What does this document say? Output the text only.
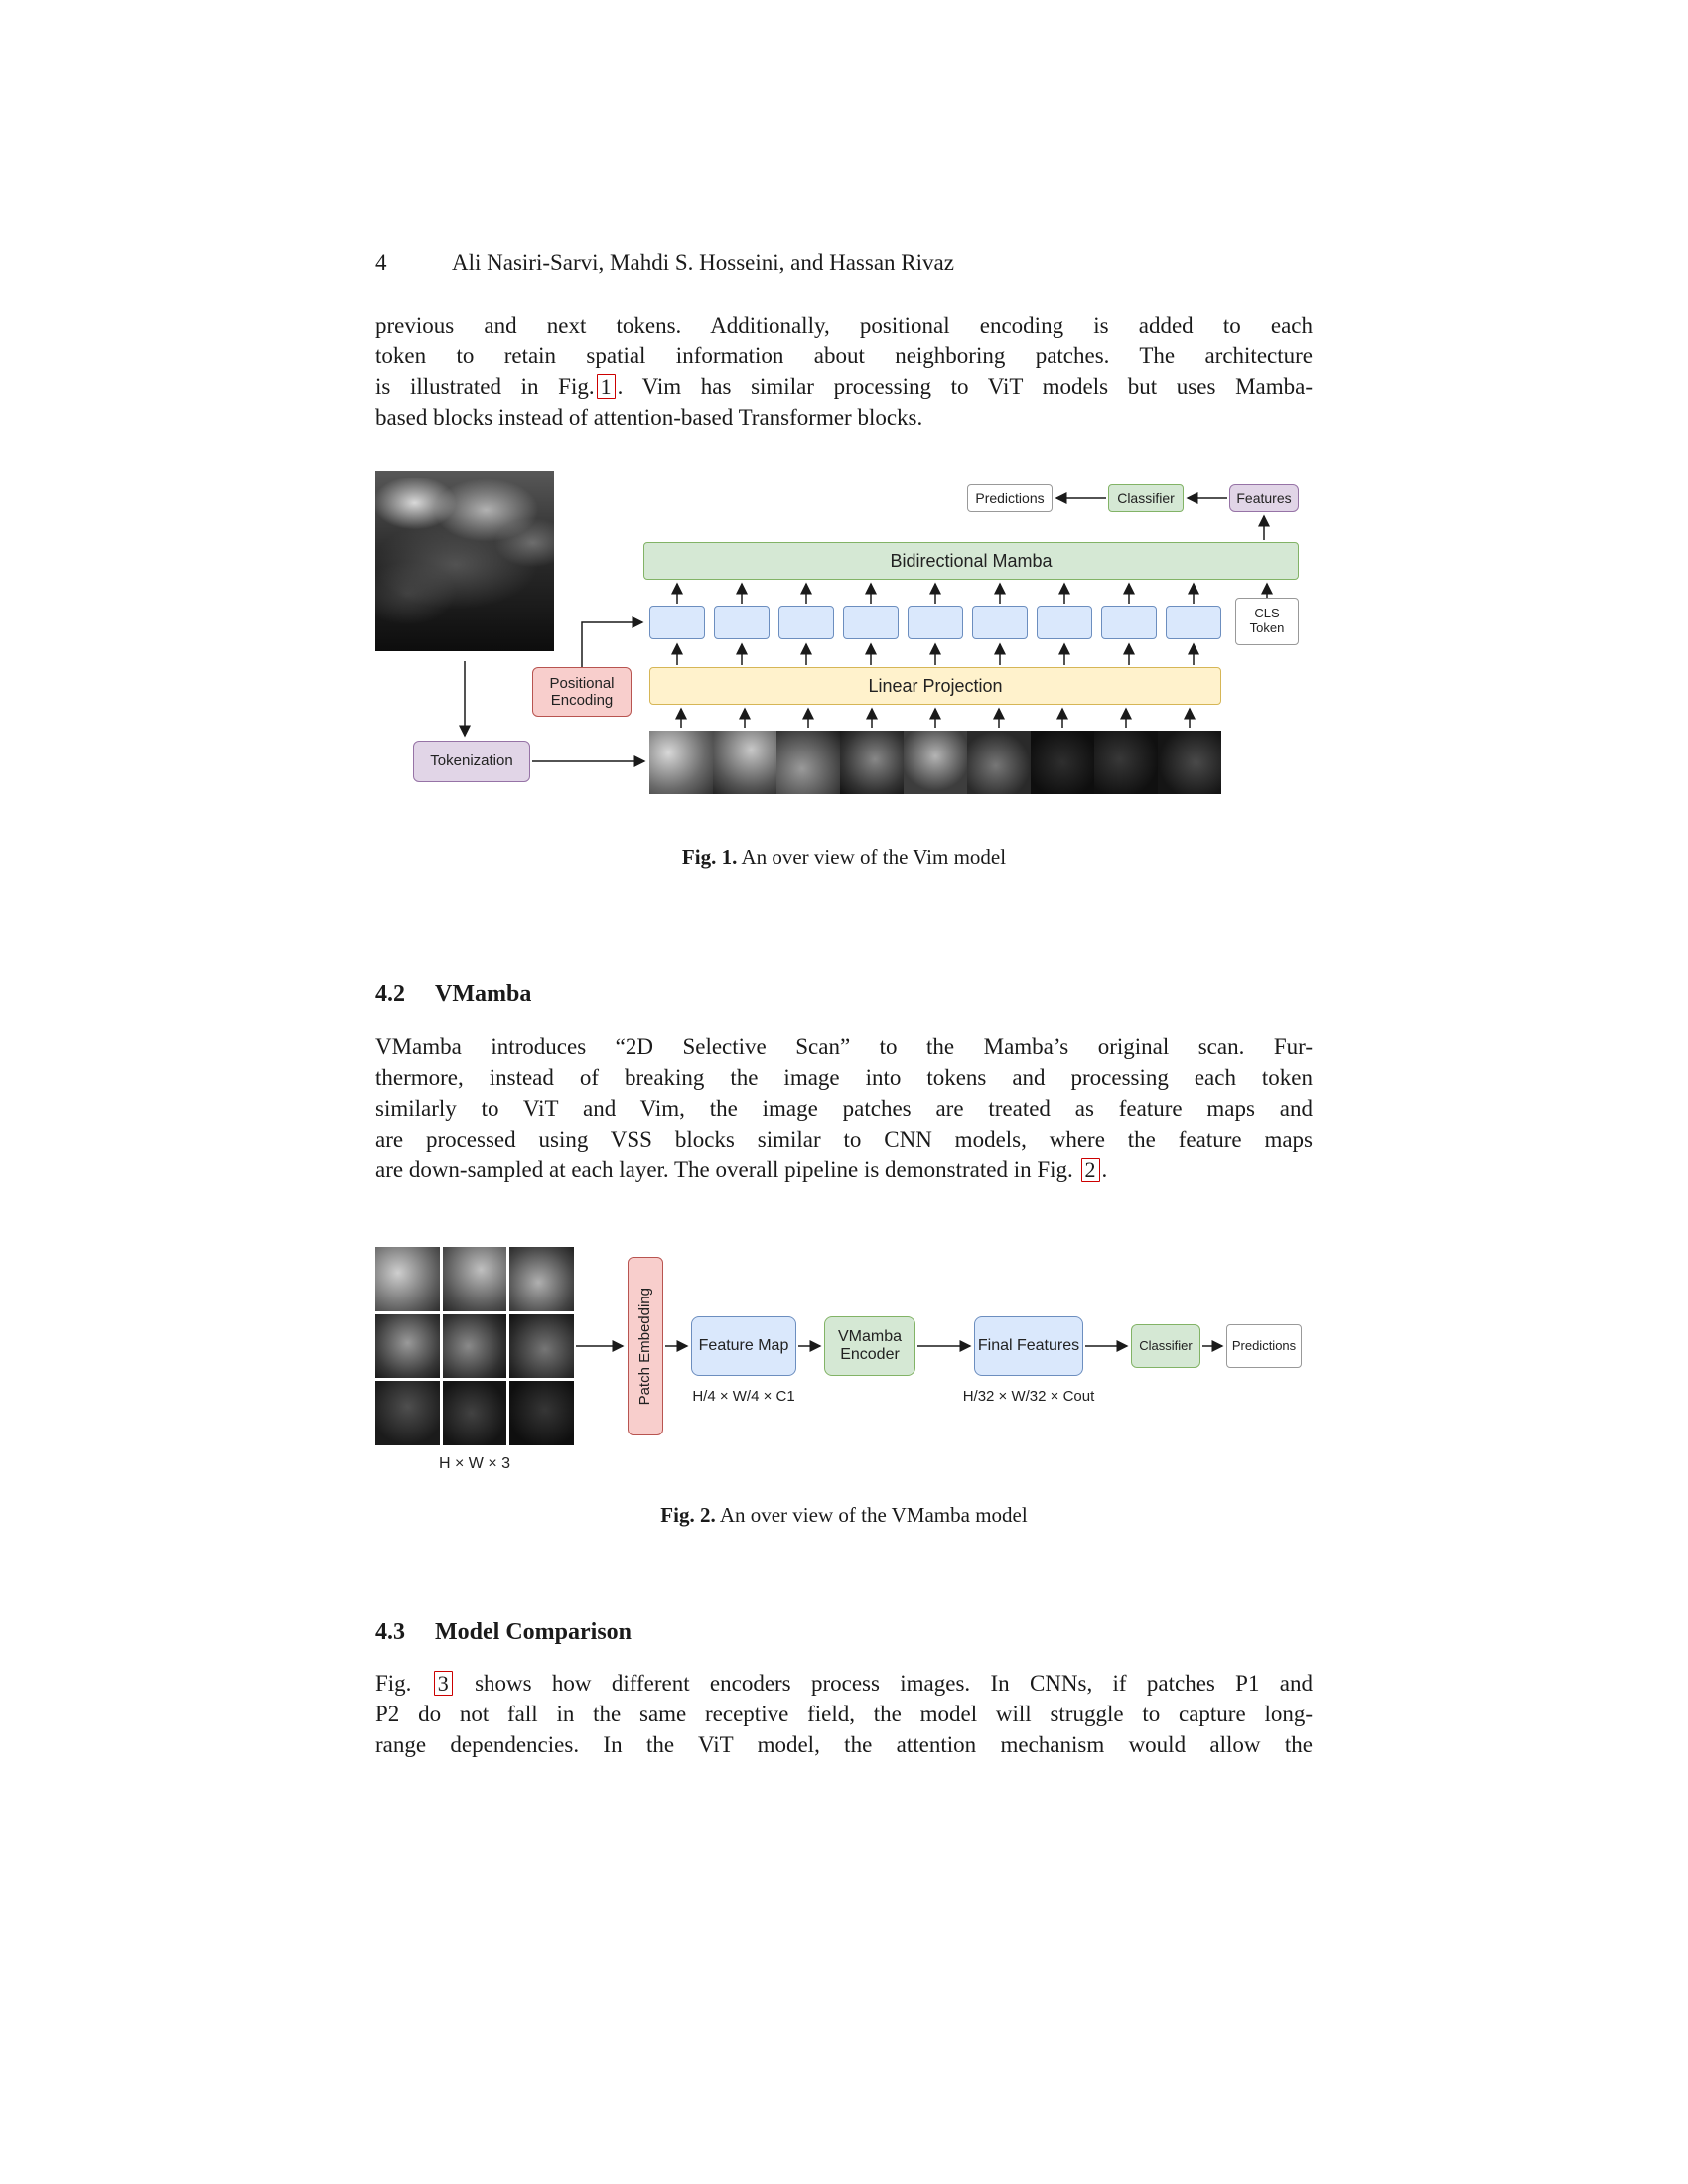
4	Ali Nasiri-Sarvi, Mahdi S. Hosseini, and Hassan Rivaz
previous and next tokens. Additionally, positional encoding is added to each
token to retain spatial information about neighboring patches. The architecture
is illustrated in Fig. 1 . Vim has similar processing to ViT models but uses Mamba-
based blocks instead of attention-based Transformer blocks.
Predictions	Classifier	Features
Bidirectional Mamba
CLS
Token
Linear Projection
Positional
Encoding
Tokenization
Fig. 1. An over view of the Vim model
4.2 VMamba
VMamba introduces “2D Selective Scan” to the Mamba’s original scan. Fur-
thermore, instead of breaking the image into tokens and processing each token
similarly to ViT and Vim, the image patches are treated as feature maps and
are processed using VSS blocks similar to CNN models, where the feature maps
are down-sampled at each layer. The overall pipeline is demonstrated in Fig. 2 .
H × W × 3
Patch Embedding	Feature Map
H/4 × W/4 × C1
VMamba
Encoder
Final Features
H/32 × W/32 × Cout
Classifier	Predictions
Fig. 2. An over view of the VMamba model
4.3 Model Comparison
Fig. 3 shows how different encoders process images. In CNNs, if patches P1 and
P2 do not fall in the same receptive field, the model will struggle to capture long-
range dependencies. In the ViT model, the attention mechanism would allow the
